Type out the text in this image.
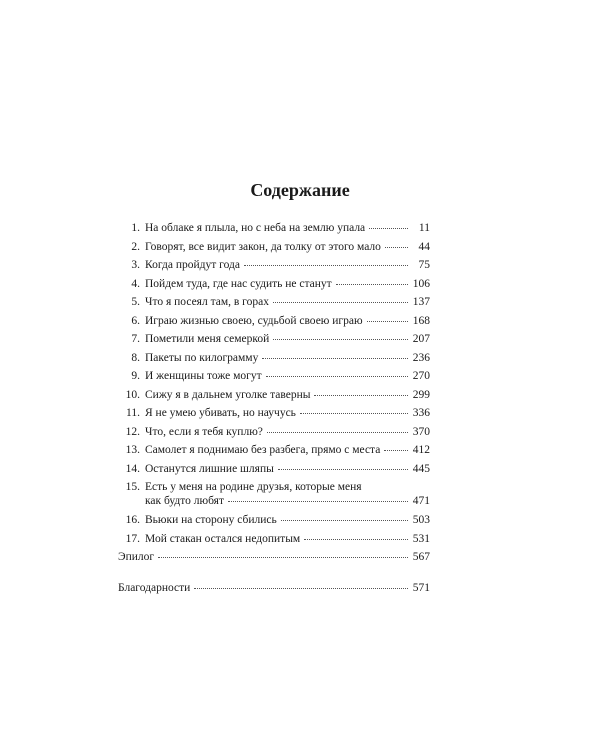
Содержание
1. На облаке я плыла, но с неба на землю упала	11
2. Говорят, все видит закон, да толку от этого мало	44
3. Когда пройдут года	75
4. Пойдем туда, где нас судить не станут	106
5. Что я посеял там, в горах	137
6. Играю жизнью своею, судьбой своею играю	168
7. Пометили меня семеркой	207
8. Пакеты по килограмму	236
9. И женщины тоже могут	270
10. Сижу я в дальнем уголке таверны	299
11. Я не умею убивать, но научусь	336
12. Что, если я тебя куплю?	370
13. Самолет я поднимаю без разбега, прямо с места	412
14. Останутся лишние шляпы	445
15. Есть у меня на родине друзья, которые меня
как будто любят	471
16. Вьюки на сторону сбились	503
17. Мой стакан остался недопитым	531
Эпилог	567
Благодарности	571
